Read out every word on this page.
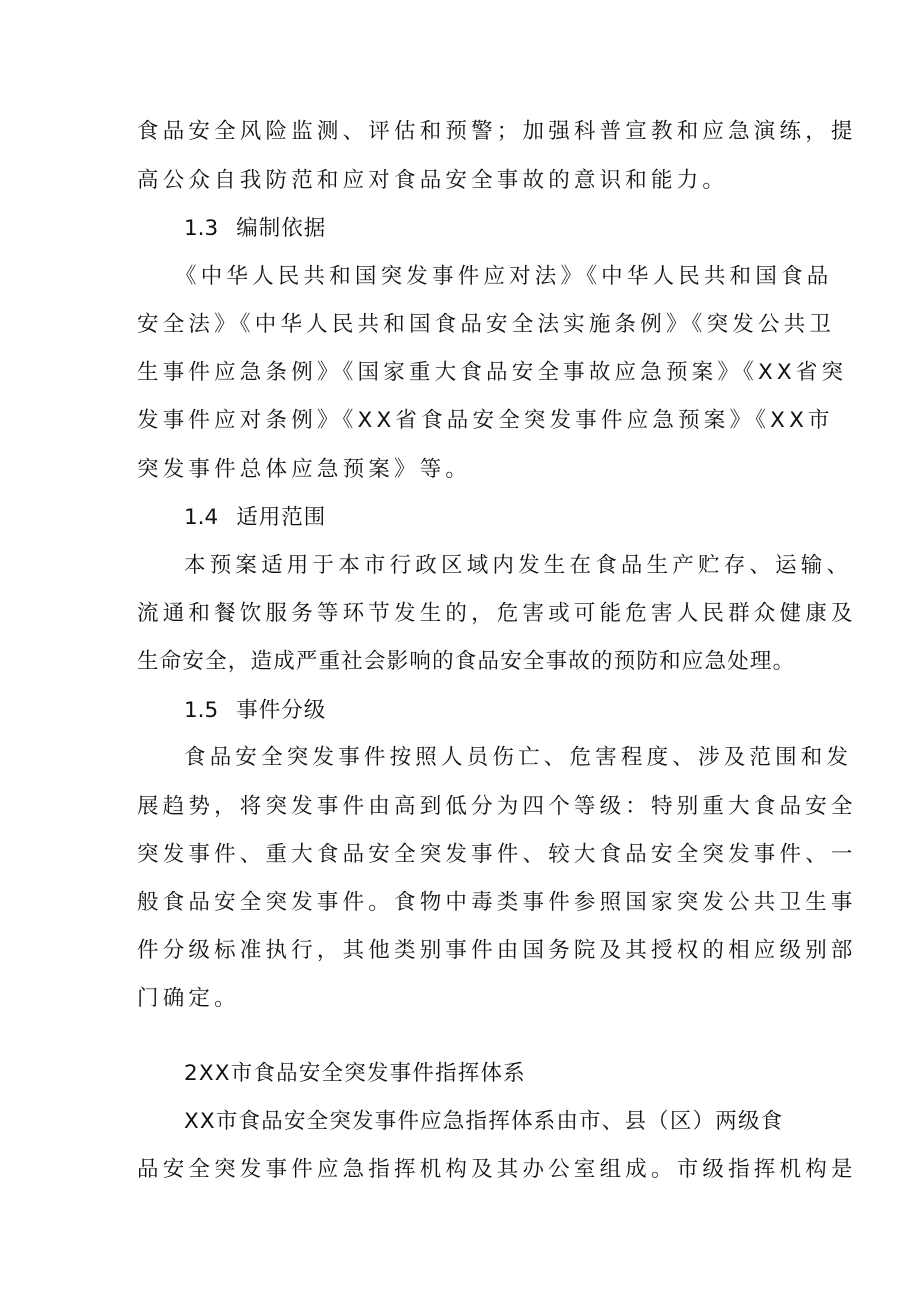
食品安全风险监测、评估和预警；加强科普宣教和应急演练，提
高公众自我防范和应对食品安全事故的意识和能力。
1.3 编制依据
《中华人民共和国突发事件应对法》《中华人民共和国食品
安全法》《中华人民共和国食品安全法实施条例》《突发公共卫
生事件应急条例》《国家重大食品安全事故应急预案》《XX省突
发事件应对条例》《XX省食品安全突发事件应急预案》《XX市
突发事件总体应急预案》等。
1.4 适用范围
本预案适用于本市行政区域内发生在食品生产贮存、运输、
流通和餐饮服务等环节发生的，危害或可能危害人民群众健康及
生命安全，造成严重社会影响的食品安全事故的预防和应急处理。
1.5 事件分级
食品安全突发事件按照人员伤亡、危害程度、涉及范围和发
展趋势，将突发事件由高到低分为四个等级：特别重大食品安全
突发事件、重大食品安全突发事件、较大食品安全突发事件、一
般食品安全突发事件。食物中毒类事件参照国家突发公共卫生事
件分级标准执行，其他类别事件由国务院及其授权的相应级别部
门确定。
2XX市食品安全突发事件指挥体系
XX市食品安全突发事件应急指挥体系由市、县（区）两级食
品安全突发事件应急指挥机构及其办公室组成。市级指挥机构是
